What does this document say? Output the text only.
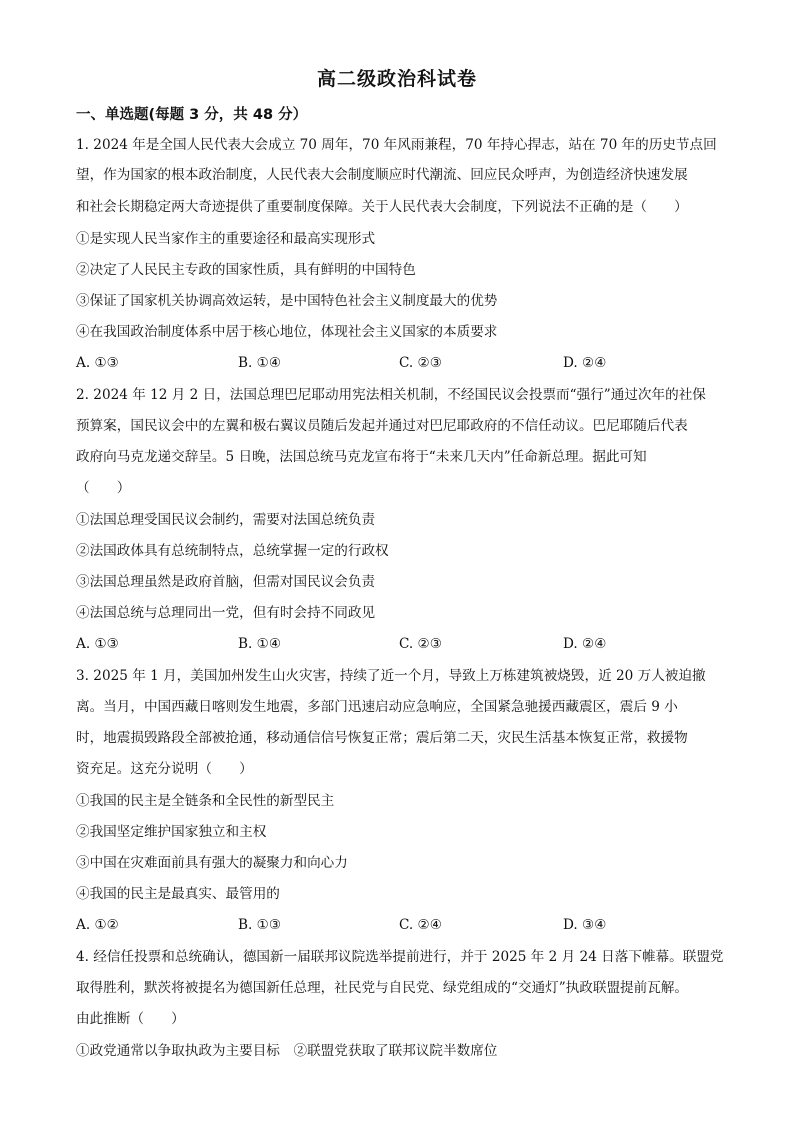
高二级政治科试卷
一、单选题(每题 3 分，共 48 分）
1. 2024 年是全国人民代表大会成立 70 周年，70 年风雨兼程，70 年持心捍志，站在 70 年的历史节点回
望，作为国家的根本政治制度，人民代表大会制度顺应时代潮流、回应民众呼声，为创造经济快速发展
和社会长期稳定两大奇迹提供了重要制度保障。关于人民代表大会制度，下列说法不正确的是（　　）
①是实现人民当家作主的重要途径和最高实现形式
②决定了人民民主专政的国家性质，具有鲜明的中国特色
③保证了国家机关协调高效运转，是中国特色社会主义制度最大的优势
④在我国政治制度体系中居于核心地位，体现社会主义国家的本质要求
A. ①③	B. ①④	C. ②③	D. ②④
2. 2024 年 12 月 2 日，法国总理巴尼耶动用宪法相关机制，不经国民议会投票而“强行”通过次年的社保
预算案，国民议会中的左翼和极右翼议员随后发起并通过对巴尼耶政府的不信任动议。巴尼耶随后代表
政府向马克龙递交辞呈。5 日晚，法国总统马克龙宣布将于“未来几天内”任命新总理。据此可知
（　　）
①法国总理受国民议会制约，需要对法国总统负责
②法国政体具有总统制特点，总统掌握一定的行政权
③法国总理虽然是政府首脑，但需对国民议会负责
④法国总统与总理同出一党，但有时会持不同政见
A. ①③	B. ①④	C. ②③	D. ②④
3. 2025 年 1 月，美国加州发生山火灾害，持续了近一个月，导致上万栋建筑被烧毁，近 20 万人被迫撤
离。当月，中国西藏日喀则发生地震，多部门迅速启动应急响应，全国紧急驰援西藏震区，震后 9 小
时，地震损毁路段全部被抢通，移动通信信号恢复正常；震后第二天，灾民生活基本恢复正常，救援物
资充足。这充分说明（　　）
①我国的民主是全链条和全民性的新型民主
②我国坚定维护国家独立和主权
③中国在灾难面前具有强大的凝聚力和向心力
④我国的民主是最真实、最管用的
A. ①②	B. ①③	C. ②④	D. ③④
4. 经信任投票和总统确认，德国新一届联邦议院选举提前进行，并于 2025 年 2 月 24 日落下帷幕。联盟党
取得胜利，默茨将被提名为德国新任总理，社民党与自民党、绿党组成的“交通灯”执政联盟提前瓦解。
由此推断（　　）
①政党通常以争取执政为主要目标　②联盟党获取了联邦议院半数席位
